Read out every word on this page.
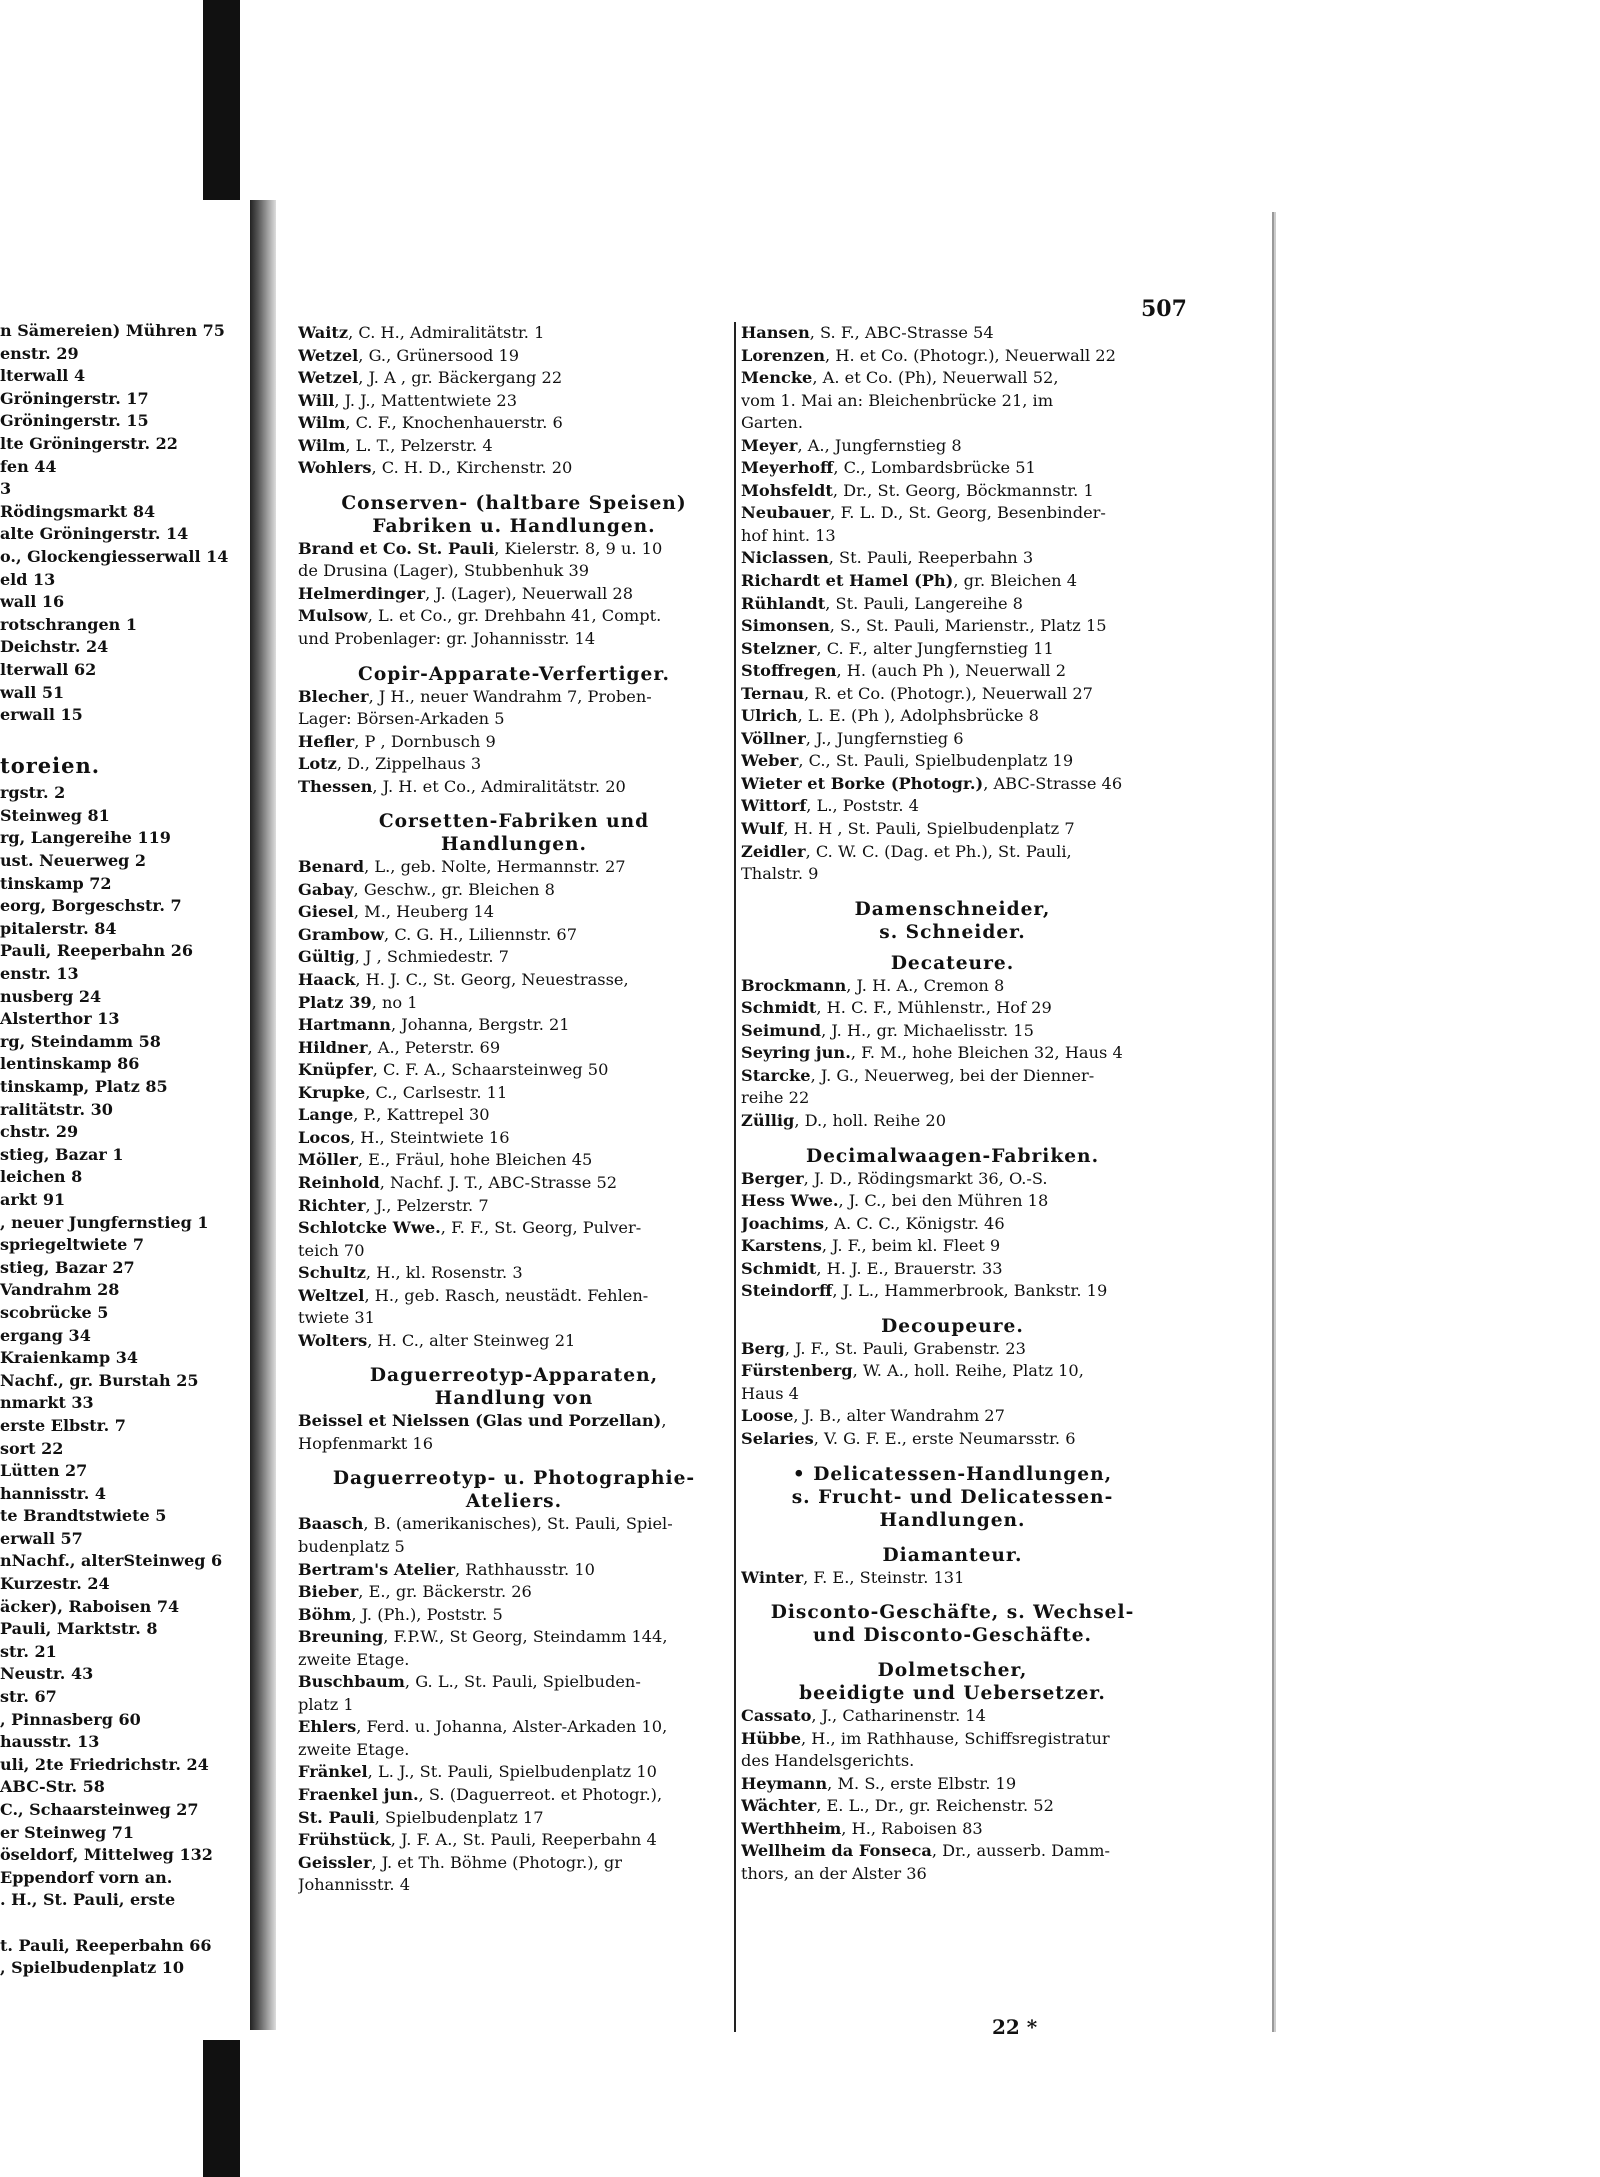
n Sämereien) Mühren 75
enstr. 29
lterwall 4
Gröningerstr. 17
Gröningerstr. 15
lte Gröningerstr. 22
fen 44
3
Rödingsmarkt 84
alte Gröningerstr. 14
o., Glockengiesserwall 14
eld 13
wall 16
rotschrangen 1
Deichstr. 24
lterwall 62
wall 51
erwall 15
toreien.
rgstr. 2
Steinweg 81
rg, Langereihe 119
ust. Neuerweg 2
tinskamp 72
eorg, Borgeschstr. 7
pitalerstr. 84
Pauli, Reeperbahn 26
enstr. 13
nusberg 24
Alsterthor 13
rg, Steindamm 58
lentinskamp 86
tinskamp, Platz 85
ralitätstr. 30
chstr. 29
stieg, Bazar 1
leichen 8
arkt 91
, neuer Jungfernstieg 1
spriegeltwiete 7
stieg, Bazar 27
Vandrahm 28
scobrücke 5
ergang 34
Kraienkamp 34
Nachf., gr. Burstah 25
nmarkt 33
erste Elbstr. 7
sort 22
Lütten 27
hannisstr. 4
te Brandtstwiete 5
erwall 57
nNachf., alterSteinweg 6
Kurzestr. 24
äcker), Raboisen 74
Pauli, Marktstr. 8
str. 21
Neustr. 43
str. 67
, Pinnasberg 60
hausstr. 13
uli, 2te Friedrichstr. 24
ABC-Str. 58
C., Schaarsteinweg 27
er Steinweg 71
öseldorf, Mittelweg 132
Eppendorf vorn an.
. H., St. Pauli, erste
t. Pauli, Reeperbahn 66
, Spielbudenplatz 10
507
Waitz, C. H., Admiralitätstr. 1
Wetzel, G., Grünersood 19
Wetzel, J. A , gr. Bäckergang 22
Will, J. J., Mattentwiete 23
Wilm, C. F., Knochenhauerstr. 6
Wilm, L. T., Pelzerstr. 4
Wohlers, C. H. D., Kirchenstr. 20
Conserven- (haltbare Speisen)
Fabriken u. Handlungen.
Brand et Co. St. Pauli, Kielerstr. 8, 9 u. 10
de Drusina (Lager), Stubbenhuk 39
Helmerdinger, J. (Lager), Neuerwall 28
Mulsow, L. et Co., gr. Drehbahn 41, Compt.
und Probenlager: gr. Johannisstr. 14
Copir-Apparate-Verfertiger.
Blecher, J H., neuer Wandrahm 7, Proben-
Lager: Börsen-Arkaden 5
Hefler, P , Dornbusch 9
Lotz, D., Zippelhaus 3
Thessen, J. H. et Co., Admiralitätstr. 20
Corsetten-Fabriken und
Handlungen.
Benard, L., geb. Nolte, Hermannstr. 27
Gabay, Geschw., gr. Bleichen 8
Giesel, M., Heuberg 14
Grambow, C. G. H., Liliennstr. 67
Gültig, J , Schmiedestr. 7
Haack, H. J. C., St. Georg, Neuestrasse,
Platz 39, no 1
Hartmann, Johanna, Bergstr. 21
Hildner, A., Peterstr. 69
Knüpfer, C. F. A., Schaarsteinweg 50
Krupke, C., Carlsestr. 11
Lange, P., Kattrepel 30
Locos, H., Steintwiete 16
Möller, E., Fräul, hohe Bleichen 45
Reinhold, Nachf. J. T., ABC-Strasse 52
Richter, J., Pelzerstr. 7
Schlotcke Wwe., F. F., St. Georg, Pulver-
teich 70
Schultz, H., kl. Rosenstr. 3
Weltzel, H., geb. Rasch, neustädt. Fehlen-
twiete 31
Wolters, H. C., alter Steinweg 21
Daguerreotyp-Apparaten,
Handlung von
Beissel et Nielssen (Glas und Porzellan),
Hopfenmarkt 16
Daguerreotyp- u. Photographie-
Ateliers.
Baasch, B. (amerikanisches), St. Pauli, Spiel-
budenplatz 5
Bertram's Atelier, Rathhausstr. 10
Bieber, E., gr. Bäckerstr. 26
Böhm, J. (Ph.), Poststr. 5
Breuning, F.P.W., St Georg, Steindamm 144,
zweite Etage.
Buschbaum, G. L., St. Pauli, Spielbuden-
platz 1
Ehlers, Ferd. u. Johanna, Alster-Arkaden 10,
zweite Etage.
Fränkel, L. J., St. Pauli, Spielbudenplatz 10
Fraenkel jun., S. (Daguerreot. et Photogr.),
St. Pauli, Spielbudenplatz 17
Frühstück, J. F. A., St. Pauli, Reeperbahn 4
Geissler, J. et Th. Böhme (Photogr.), gr
Johannisstr. 4
Hansen, S. F., ABC-Strasse 54
Lorenzen, H. et Co. (Photogr.), Neuerwall 22
Mencke, A. et Co. (Ph), Neuerwall 52,
vom 1. Mai an: Bleichenbrücke 21, im
Garten.
Meyer, A., Jungfernstieg 8
Meyerhoff, C., Lombardsbrücke 51
Mohsfeldt, Dr., St. Georg, Böckmannstr. 1
Neubauer, F. L. D., St. Georg, Besenbinder-
hof hint. 13
Niclassen, St. Pauli, Reeperbahn 3
Richardt et Hamel (Ph), gr. Bleichen 4
Rühlandt, St. Pauli, Langereihe 8
Simonsen, S., St. Pauli, Marienstr., Platz 15
Stelzner, C. F., alter Jungfernstieg 11
Stoffregen, H. (auch Ph ), Neuerwall 2
Ternau, R. et Co. (Photogr.), Neuerwall 27
Ulrich, L. E. (Ph ), Adolphsbrücke 8
Völlner, J., Jungfernstieg 6
Weber, C., St. Pauli, Spielbudenplatz 19
Wieter et Borke (Photogr.), ABC-Strasse 46
Wittorf, L., Poststr. 4
Wulf, H. H , St. Pauli, Spielbudenplatz 7
Zeidler, C. W. C. (Dag. et Ph.), St. Pauli,
Thalstr. 9
Damenschneider,
s. Schneider.
Decateure.
Brockmann, J. H. A., Cremon 8
Schmidt, H. C. F., Mühlenstr., Hof 29
Seimund, J. H., gr. Michaelisstr. 15
Seyring jun., F. M., hohe Bleichen 32, Haus 4
Starcke, J. G., Neuerweg, bei der Dienner-
reihe 22
Züllig, D., holl. Reihe 20
Decimalwaagen-Fabriken.
Berger, J. D., Rödingsmarkt 36, O.-S.
Hess Wwe., J. C., bei den Mühren 18
Joachims, A. C. C., Königstr. 46
Karstens, J. F., beim kl. Fleet 9
Schmidt, H. J. E., Brauerstr. 33
Steindorff, J. L., Hammerbrook, Bankstr. 19
Decoupeure.
Berg, J. F., St. Pauli, Grabenstr. 23
Fürstenberg, W. A., holl. Reihe, Platz 10,
Haus 4
Loose, J. B., alter Wandrahm 27
Selaries, V. G. F. E., erste Neumarsstr. 6
• Delicatessen-Handlungen,
s. Frucht- und Delicatessen-
Handlungen.
Diamanteur.
Winter, F. E., Steinstr. 131
Disconto-Geschäfte, s. Wechsel-
und Disconto-Geschäfte.
Dolmetscher,
beeidigte und Uebersetzer.
Cassato, J., Catharinenstr. 14
Hübbe, H., im Rathhause, Schiffsregistratur
des Handelsgerichts.
Heymann, M. S., erste Elbstr. 19
Wächter, E. L., Dr., gr. Reichenstr. 52
Werthheim, H., Raboisen 83
Wellheim da Fonseca, Dr., ausserb. Damm-
thors, an der Alster 36
22 *
